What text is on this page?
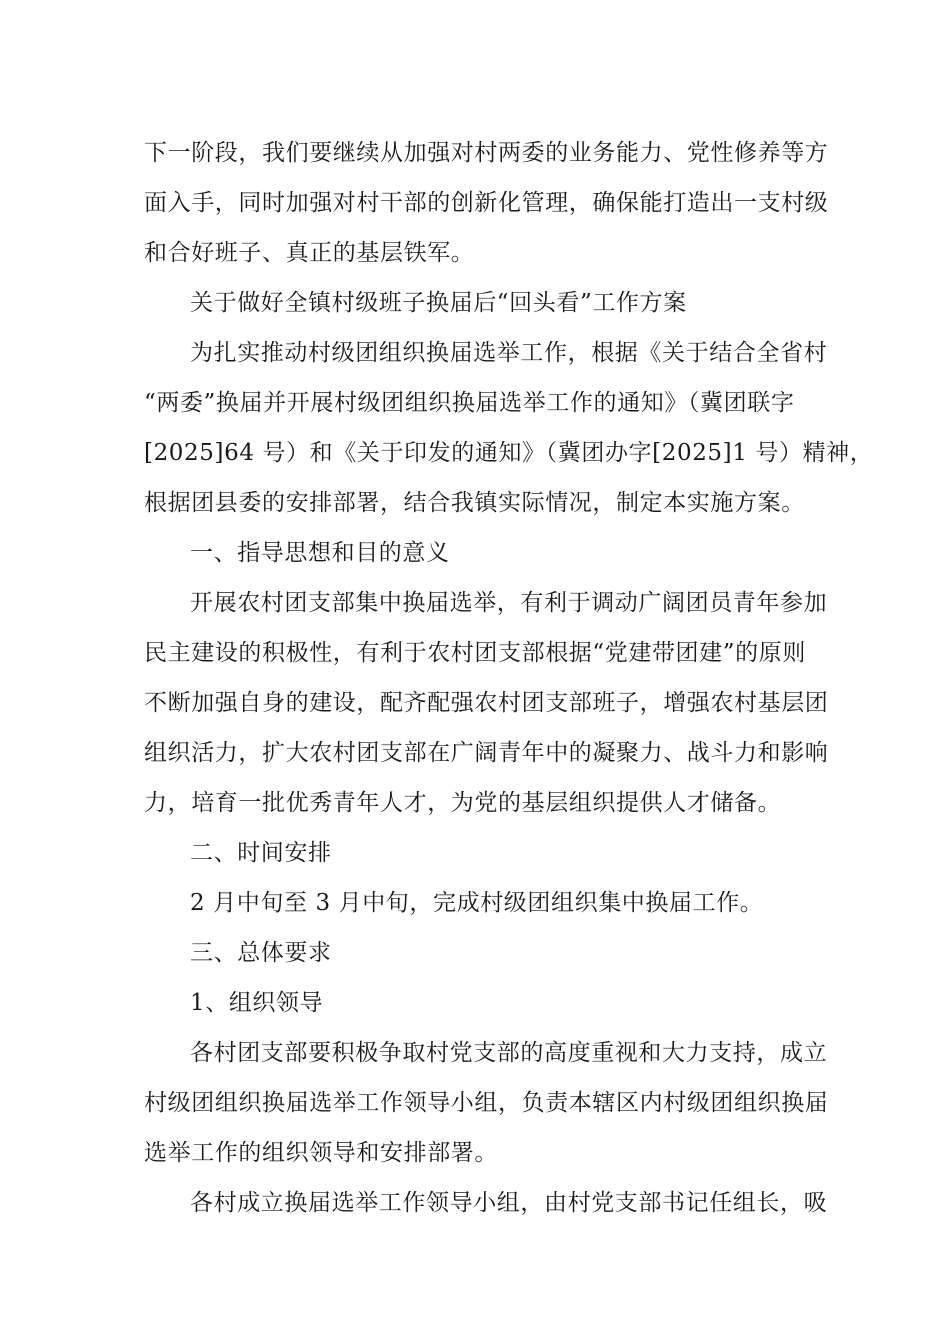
下一阶段，我们要继续从加强对村两委的业务能力、党性修养等方
面入手，同时加强对村干部的创新化管理，确保能打造出一支村级
和合好班子、真正的基层铁军。
关于做好全镇村级班子换届后“回头看”工作方案
为扎实推动村级团组织换届选举工作，根据《关于结合全省村
“两委”换届并开展村级团组织换届选举工作的通知》（冀团联字
[2025]64 号）和《关于印发的通知》（冀团办字[2025]1 号）精神，
根据团县委的安排部署，结合我镇实际情况，制定本实施方案。
一、指导思想和目的意义
开展农村团支部集中换届选举，有利于调动广阔团员青年参加
民主建设的积极性，有利于农村团支部根据“党建带团建”的原则
不断加强自身的建设，配齐配强农村团支部班子，增强农村基层团
组织活力，扩大农村团支部在广阔青年中的凝聚力、战斗力和影响
力，培育一批优秀青年人才，为党的基层组织提供人才储备。
二、时间安排
2 月中旬至 3 月中旬，完成村级团组织集中换届工作。
三、总体要求
1、组织领导
各村团支部要积极争取村党支部的高度重视和大力支持，成立
村级团组织换届选举工作领导小组，负责本辖区内村级团组织换届
选举工作的组织领导和安排部署。
各村成立换届选举工作领导小组，由村党支部书记任组长，吸
